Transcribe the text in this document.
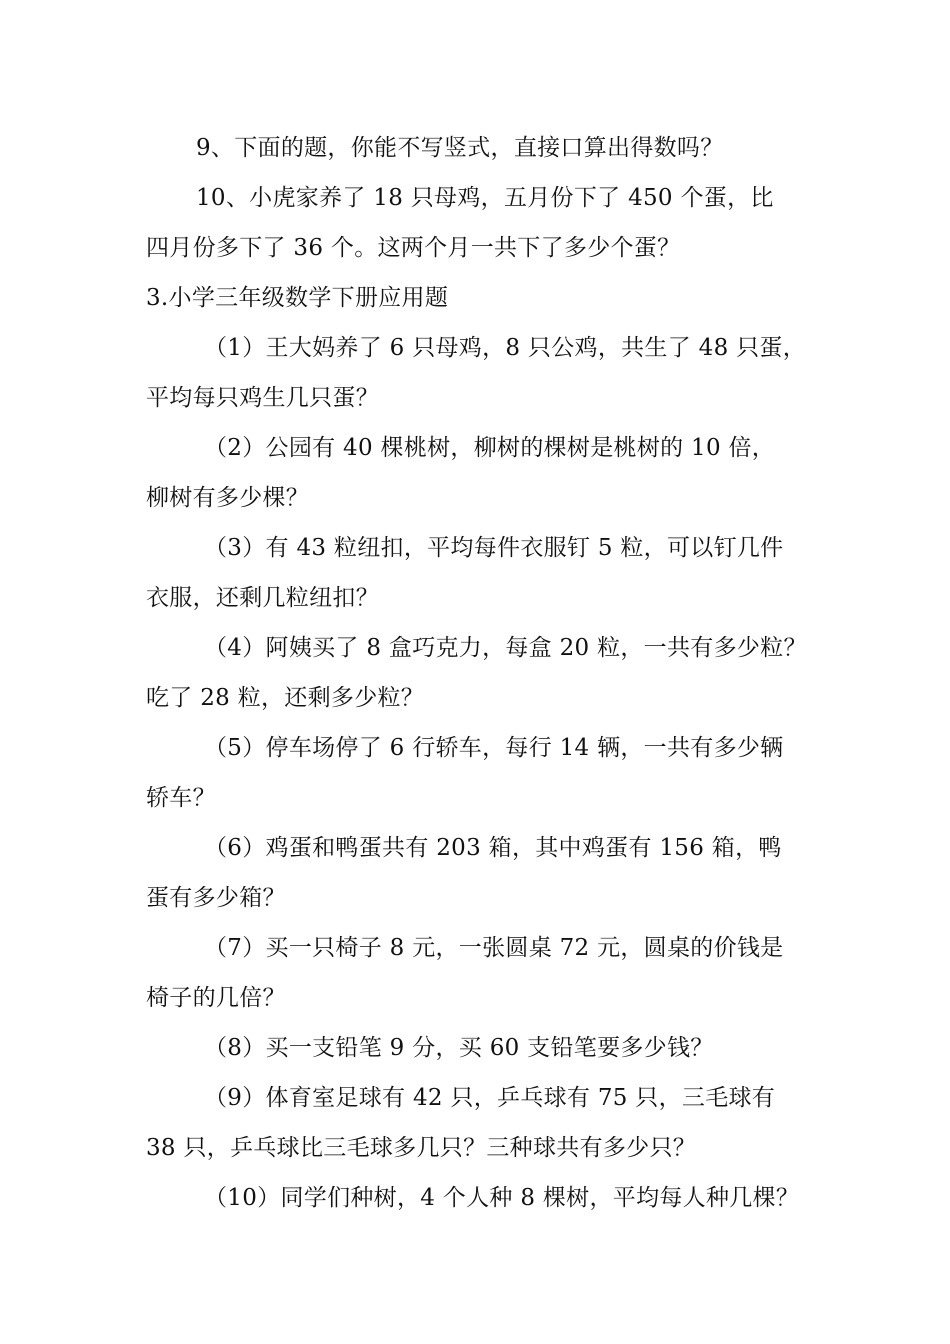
9、下面的题，你能不写竖式，直接口算出得数吗？
10、小虎家养了 18 只母鸡，五月份下了 450 个蛋，比
四月份多下了 36 个。这两个月一共下了多少个蛋？
3.小学三年级数学下册应用题
（1）王大妈养了 6 只母鸡，8 只公鸡，共生了 48 只蛋，
平均每只鸡生几只蛋？
（2）公园有 40 棵桃树，柳树的棵树是桃树的 10 倍，
柳树有多少棵？
（3）有 43 粒纽扣，平均每件衣服钉 5 粒，可以钉几件
衣服，还剩几粒纽扣？
（4）阿姨买了 8 盒巧克力，每盒 20 粒，一共有多少粒？
吃了 28 粒，还剩多少粒？
（5）停车场停了 6 行轿车，每行 14 辆，一共有多少辆
轿车？
（6）鸡蛋和鸭蛋共有 203 箱，其中鸡蛋有 156 箱，鸭
蛋有多少箱？
（7）买一只椅子 8 元，一张圆桌 72 元，圆桌的价钱是
椅子的几倍？
（8）买一支铅笔 9 分，买 60 支铅笔要多少钱？
（9）体育室足球有 42 只，乒乓球有 75 只，三毛球有
38 只，乒乓球比三毛球多几只？三种球共有多少只？
（10）同学们种树，4 个人种 8 棵树，平均每人种几棵？
